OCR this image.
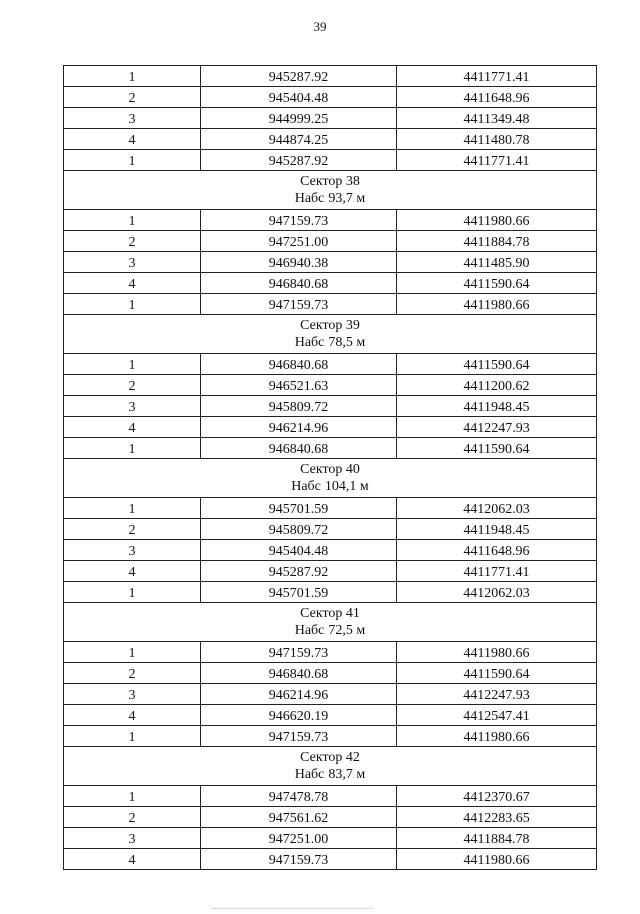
39
1	945287.92	4411771.41
2	945404.48	4411648.96
3	944999.25	4411349.48
4	944874.25	4411480.78
1	945287.92	4411771.41

Сектор 38
Набс 93,7 м		

1	947159.73	4411980.66
2	947251.00	4411884.78
3	946940.38	4411485.90
4	946840.68	4411590.64
1	947159.73	4411980.66

Сектор 39
Набс 78,5 м		

1	946840.68	4411590.64
2	946521.63	4411200.62
3	945809.72	4411948.45
4	946214.96	4412247.93
1	946840.68	4411590.64

Сектор 40
Набс 104,1 м		

1	945701.59	4412062.03
2	945809.72	4411948.45
3	945404.48	4411648.96
4	945287.92	4411771.41
1	945701.59	4412062.03

Сектор 41
Набс 72,5 м		

1	947159.73	4411980.66
2	946840.68	4411590.64
3	946214.96	4412247.93
4	946620.19	4412547.41
1	947159.73	4411980.66

Сектор 42
Набс 83,7 м		

1	947478.78	4412370.67
2	947561.62	4412283.65
3	947251.00	4411884.78
4	947159.73	4411980.66
